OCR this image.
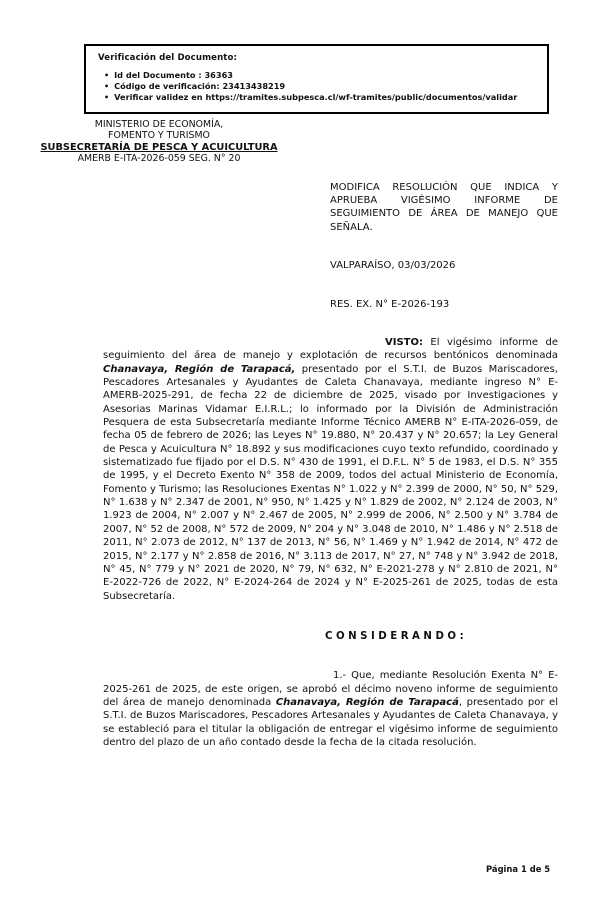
Verificación del Documento:
• Id del Documento : 36363
• Código de verificación: 23413438219
• Verificar validez en https://tramites.subpesca.cl/wf-tramites/public/documentos/validar
MINISTERIO DE ECONOMÍA,
FOMENTO Y TURISMO
SUBSECRETARÍA DE PESCA Y ACUICULTURA
AMERB E-ITA-2026-059 SEG. N° 20
MODIFICA RESOLUCIÓN QUE INDICA Y APRUEBA VIGÉSIMO INFORME DE SEGUIMIENTO DE ÁREA DE MANEJO QUE SEÑALA.
VALPARAÍSO, 03/03/2026
RES. EX. N° E-2026-193

VISTO: El vigésimo informe de seguimiento del área de manejo y explotación de recursos bentónicos denominada Chanavaya, Región de Tarapacá, presentado por el S.T.I. de Buzos Mariscadores, Pescadores Artesanales y Ayudantes de Caleta Chanavaya, mediante ingreso N° E-AMERB-2025-291, de fecha 22 de diciembre de 2025, visado por Investigaciones y Asesorias Marinas Vidamar E.I.R.L.; lo informado por la División de Administración Pesquera de esta Subsecretaría mediante Informe Técnico AMERB N° E-ITA-2026-059, de fecha 05 de febrero de 2026; las Leyes N° 19.880, N° 20.437 y N° 20.657; la Ley General de Pesca y Acuicultura N° 18.892 y sus modificaciones cuyo texto refundido, coordinado y sistematizado fue fijado por el D.S. N° 430 de 1991, el D.F.L. N° 5 de 1983, el D.S. N° 355 de 1995, y el Decreto Exento N° 358 de 2009, todos del actual Ministerio de Economía, Fomento y Turismo; las Resoluciones Exentas N° 1.022 y N° 2.399 de 2000, N° 50, N° 529, N° 1.638 y N° 2.347 de 2001, N° 950, N° 1.425 y N° 1.829 de 2002, N° 2.124 de 2003, N° 1.923 de 2004, N° 2.007 y N° 2.467 de 2005, N° 2.999 de 2006, N° 2.500 y N° 3.784 de 2007, N° 52 de 2008, N° 572 de 2009, N° 204 y N° 3.048 de 2010, N° 1.486 y N° 2.518 de 2011, N° 2.073 de 2012, N° 137 de 2013, N° 56, N° 1.469 y N° 1.942 de 2014, N° 472 de 2015, N° 2.177 y N° 2.858 de 2016, N° 3.113 de 2017, N° 27, N° 748 y N° 3.942 de 2018, N° 45, N° 779 y N° 2021 de 2020, N° 79, N° 632, N° E-2021-278 y N° 2.810 de 2021, N° E-2022-726 de 2022, N° E-2024-264 de 2024 y N° E-2025-261 de 2025, todas de esta Subsecretaría.

CONSIDERANDO:

1.- Que, mediante Resolución Exenta N° E-2025-261 de 2025, de este origen, se aprobó el décimo noveno informe de seguimiento del área de manejo denominada Chanavaya, Región de Tarapacá, presentado por el S.T.I. de Buzos Mariscadores, Pescadores Artesanales y Ayudantes de Caleta Chanavaya, y se estableció para el titular la obligación de entregar el vigésimo informe de seguimiento dentro del plazo de un año contado desde la fecha de la citada resolución.

Página 1 de 5
